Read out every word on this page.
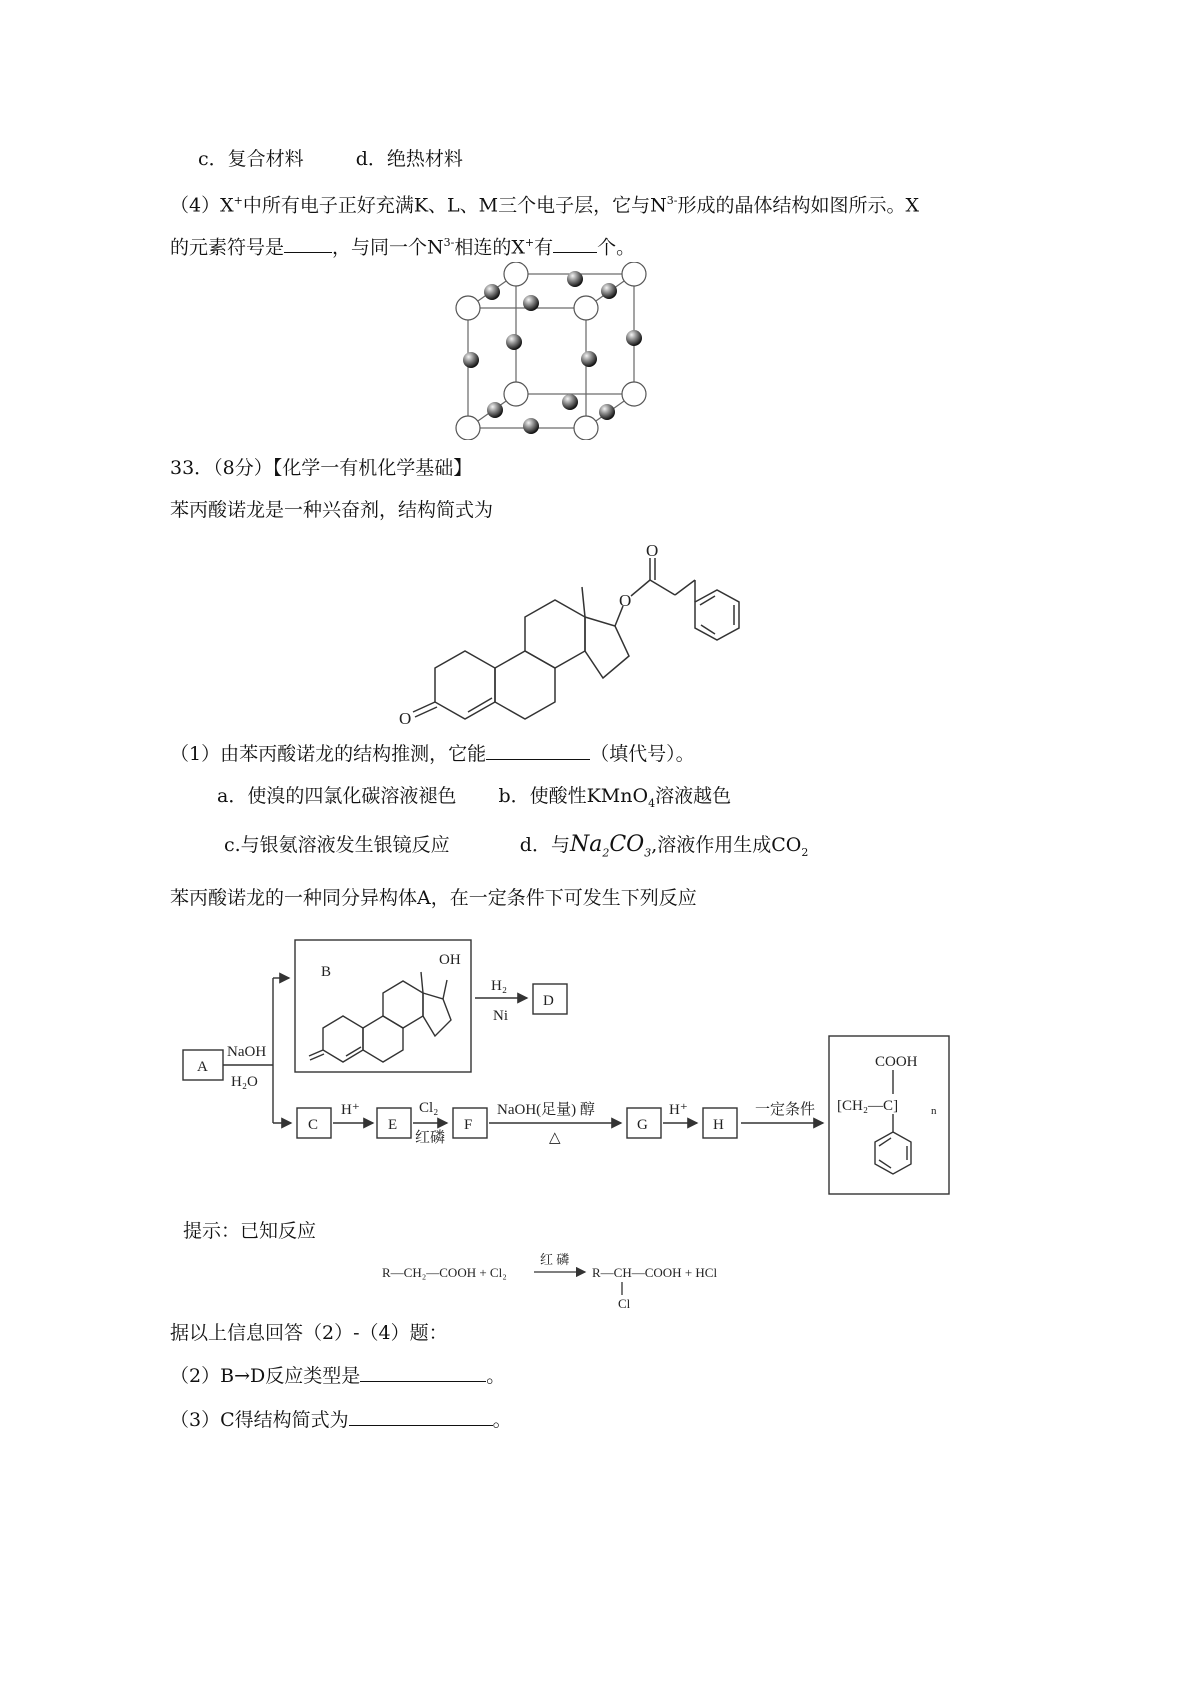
c．复合材料	d．绝热材料
（4）X+中所有电子正好充满K、L、M三个电子层，它与$N^{3-}$形成的晶体结构如图所示。X
的元素符号是	，与同一个$N^{3-}$相连的X+有 个。
33．（8分）【化学一有机化学基础】
苯丙酸诺龙是一种兴奋剂，结构简式为
O
O
O
（1）由苯丙酸诺龙的结构推测，它能	（填代号）。
a．使溴的四氯化碳溶液褪色 b．使酸性KMnO$_4$溶液越色
c.与银氨溶液发生银镜反应	d．与$Na_2CO_3$,溶液作用生成$CO_2$
苯丙酸诺龙的一种同分异构体A，在一定条件下可发生下列反应
A
NaOH
H₂O
B
OH
H₂
Ni
D
C
H⁺
E
Cl₂
红磷
F
NaOH(足量) 醇
△
G
H⁺
H
一定条件
COOH
[CH₂—C]	n
提示：已知反应
R—CH₂—COOH + Cl₂
红 磷
R—CH—COOH + HCl
Cl
据以上信息回答（2）-（4）题：
（2）B→D反应类型是	。
（3）C得结构简式为	。
